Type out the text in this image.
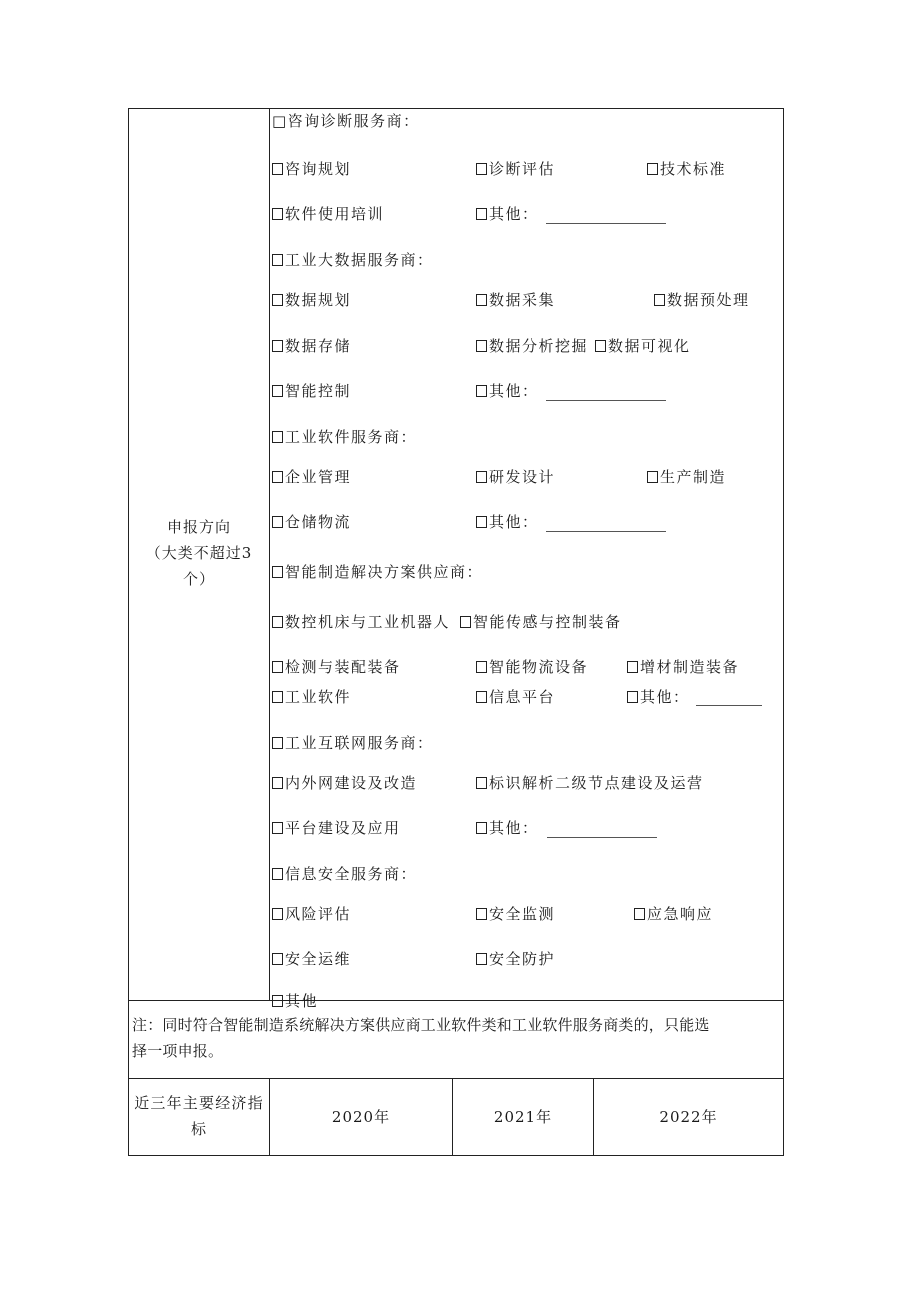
申报方向
（大类不超过3
个）
□咨询诊断服务商：
咨询规划	诊断评估	技术标准
软件使用培训	其他：
工业大数据服务商：
数据规划	数据采集	数据预处理
数据存储	数据分析挖掘	数据可视化
智能控制	其他：
工业软件服务商：
企业管理	研发设计	生产制造
仓储物流	其他：
智能制造解决方案供应商：
数控机床与工业机器人	智能传感与控制装备
检测与装配装备	智能物流设备	增材制造装备
工业软件	信息平台	其他：
工业互联网服务商：
内外网建设及改造	标识解析二级节点建设及运营
平台建设及应用	其他：
信息安全服务商：
风险评估	安全监测	应急响应
安全运维	安全防护
其他
注：同时符合智能制造系统解决方案供应商工业软件类和工业软件服务商类的，只能选
择一项申报。
近三年主要经济指
标
2020年	2021年	2022年
